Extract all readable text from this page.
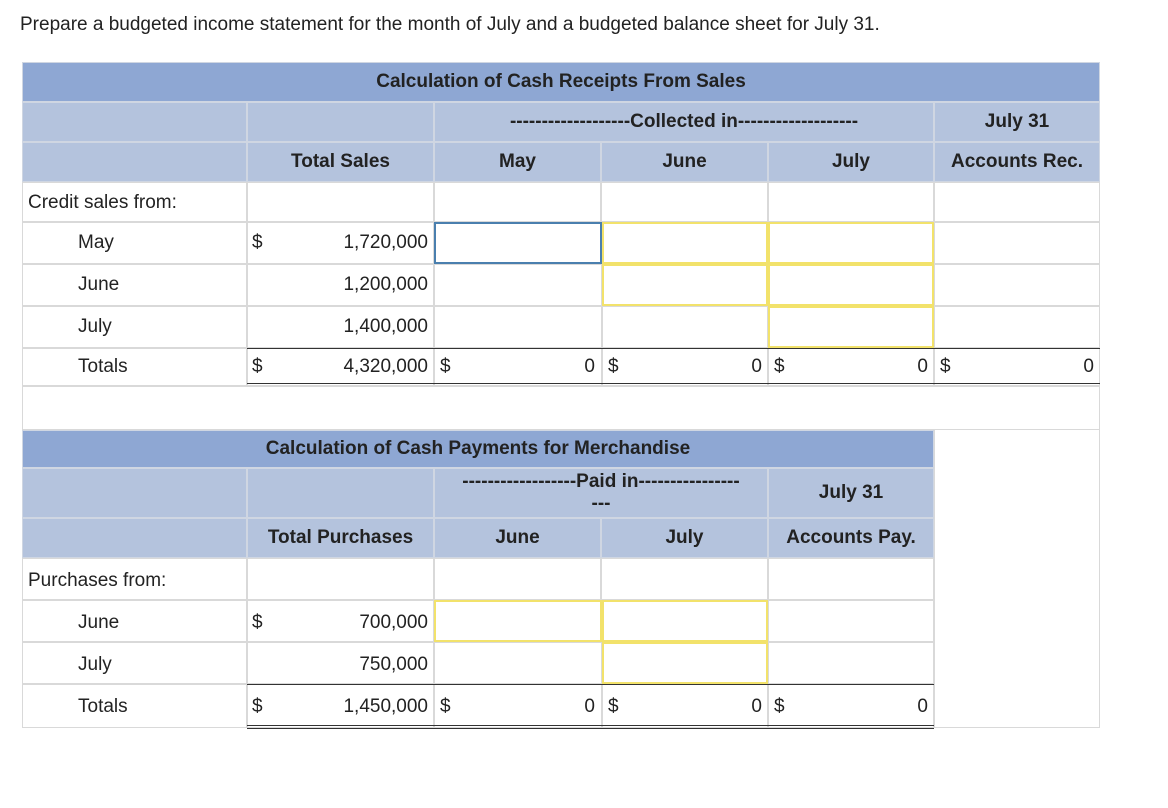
Prepare a budgeted income statement for the month of July and a budgeted balance sheet for July 31.
Calculation of Cash Receipts From Sales
-------------------Collected in-------------------	July 31
Total Sales	May	June	July	Accounts Rec.
Credit sales from:
May	$	1,720,000
June	1,200,000
July	1,400,000
Totals	$	4,320,000 $	0 $	0 $	0 $	0
Calculation of Cash Payments for Merchandise
------------------Paid in----------------
---
July 31
Total Purchases	June	July	Accounts Pay.
Purchases from:
June	$	700,000
July	750,000
Totals	$	1,450,000 $	0 $	0 $	0
